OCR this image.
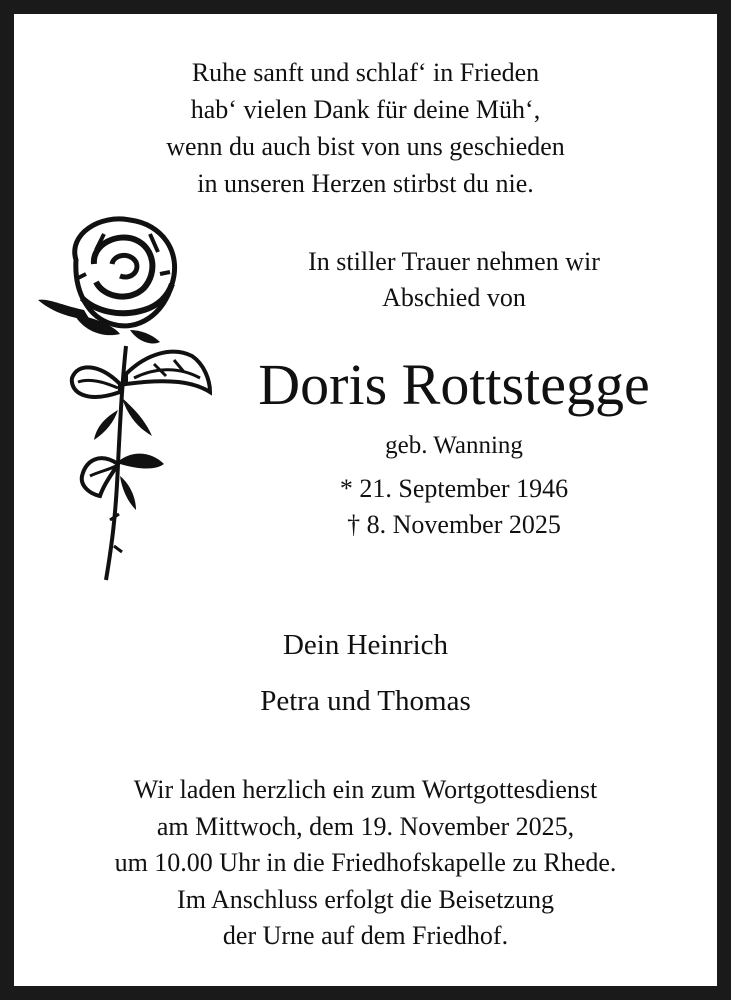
Ruhe sanft und schlaf‘ in Frieden
hab‘ vielen Dank für deine Müh‘,
wenn du auch bist von uns geschieden
in unseren Herzen stirbst du nie.
In stiller Trauer nehmen wir
Abschied von
Doris Rottstegge
geb. Wanning
* 21. September 1946
† 8. November 2025
Dein Heinrich
Petra und Thomas
Wir laden herzlich ein zum Wortgottesdienst
am Mittwoch, dem 19. November 2025,
um 10.00 Uhr in die Friedhofskapelle zu Rhede.
Im Anschluss erfolgt die Beisetzung
der Urne auf dem Friedhof.
